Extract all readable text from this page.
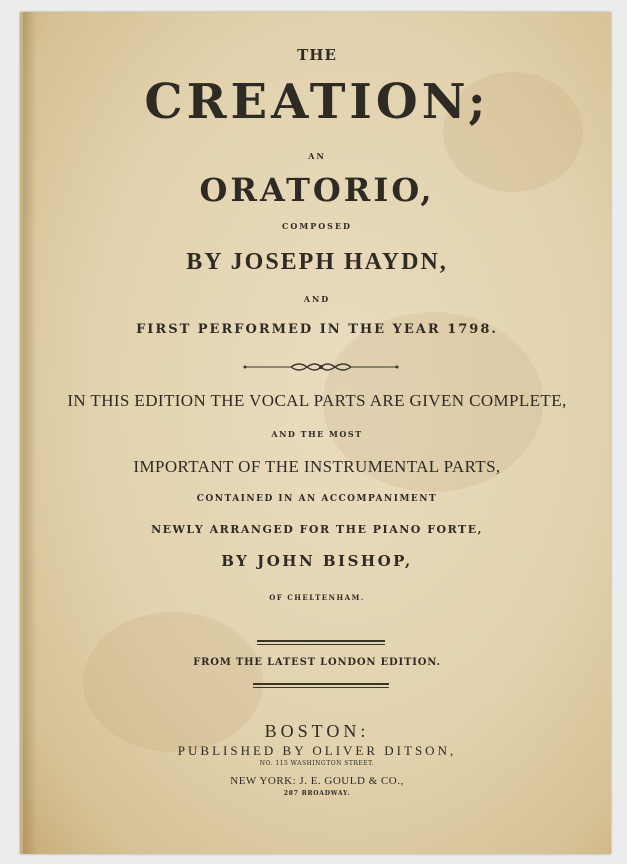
THE
CREATION;
AN
ORATORIO,
COMPOSED
BY JOSEPH HAYDN,
AND
FIRST PERFORMED IN THE YEAR 1798.
IN THIS EDITION THE VOCAL PARTS ARE GIVEN COMPLETE,
AND THE MOST
IMPORTANT OF THE INSTRUMENTAL PARTS,
CONTAINED IN AN ACCOMPANIMENT
NEWLY ARRANGED FOR THE PIANO FORTE,
BY JOHN BISHOP,
OF CHELTENHAM.
FROM THE LATEST LONDON EDITION.
BOSTON:
PUBLISHED BY OLIVER DITSON,
NO. 115 WASHINGTON STREET.
NEW YORK: J. E. GOULD & CO.,
287 BROADWAY.
